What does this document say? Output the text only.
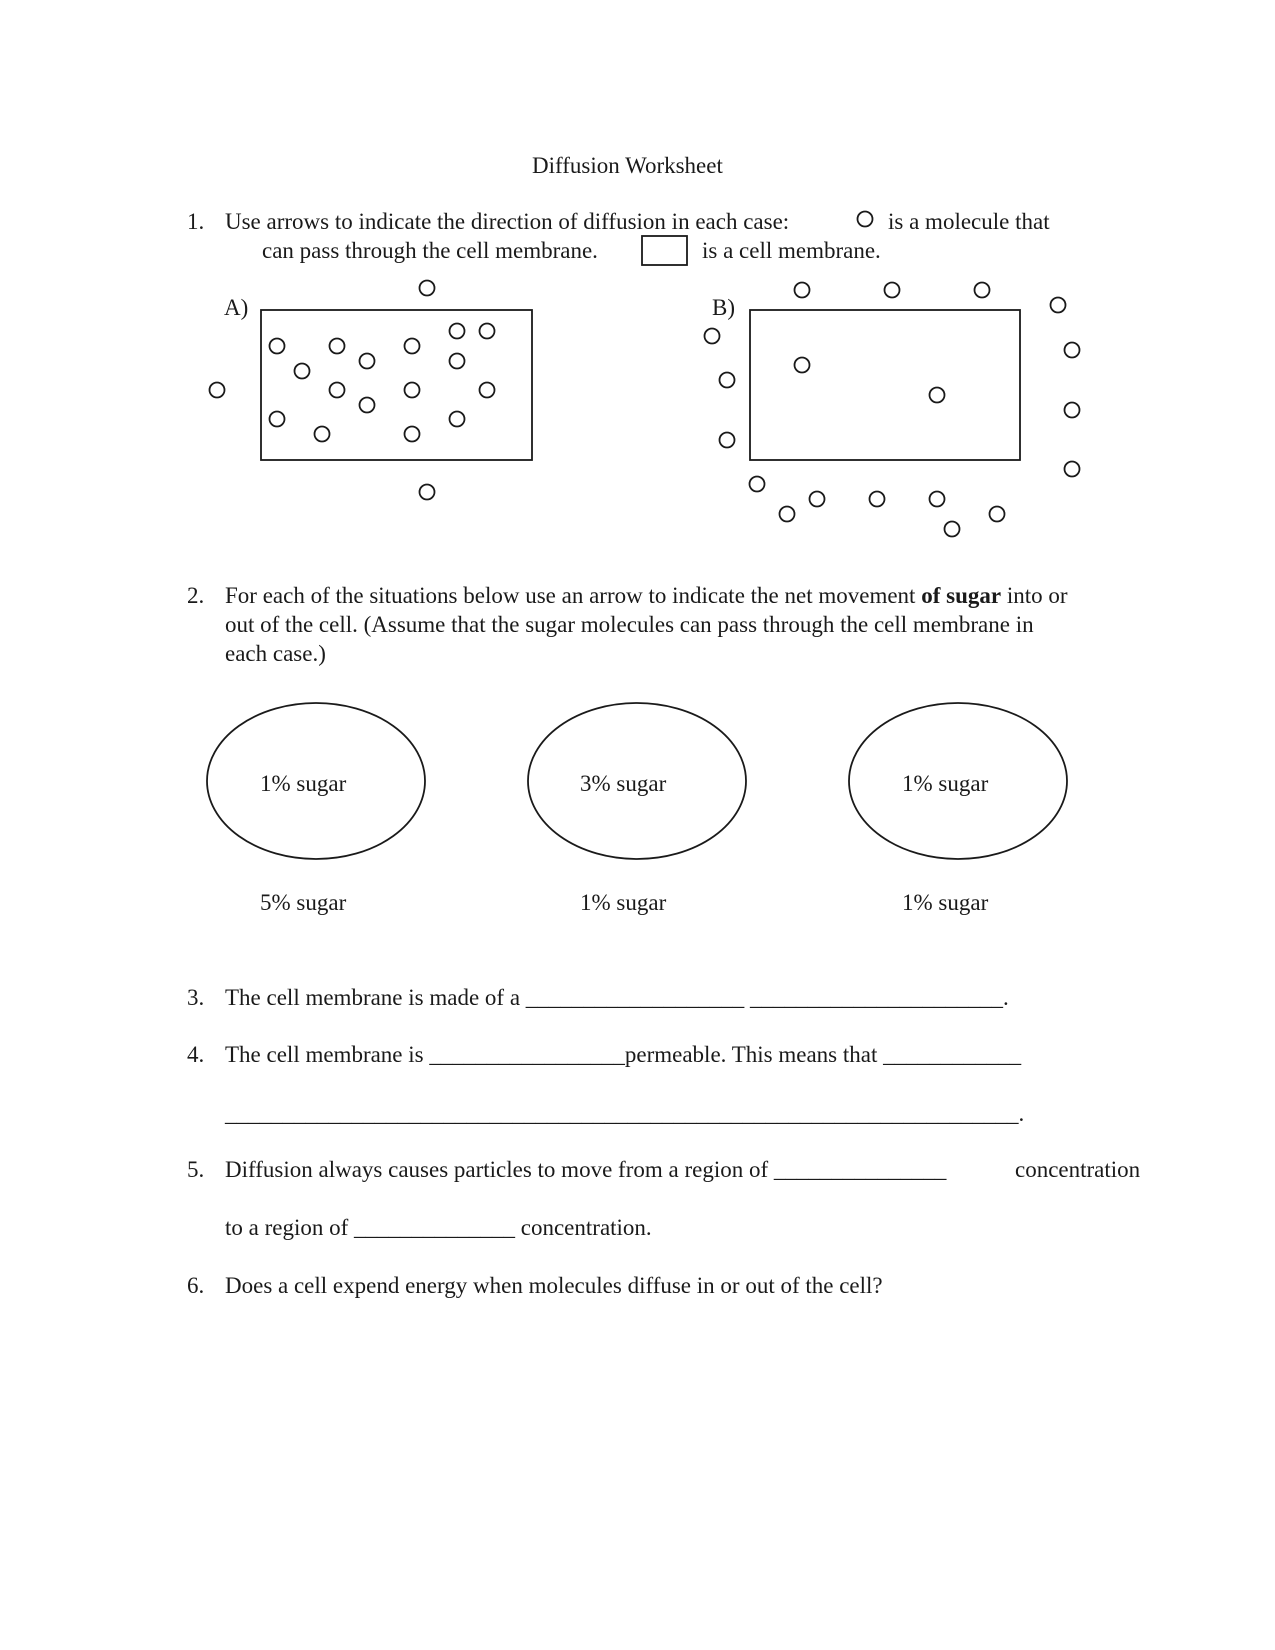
Diffusion Worksheet
1. Use arrows to indicate the direction of diffusion in each case:	is a molecule that
can pass through the cell membrane.	is a cell membrane.
A)	B)
2. For each of the situations below use an arrow to indicate the net movement of sugar into or
out of the cell. (Assume that the sugar molecules can pass through the cell membrane in
each case.)
1% sugar	3% sugar	1% sugar
5% sugar	1% sugar	1% sugar
3. The cell membrane is made of a ___________________ ______________________.
4. The cell membrane is _________________permeable. This means that ____________
_____________________________________________________________________.
5. Diffusion always causes particles to move from a region of _______________	concentration
to a region of ______________ concentration.
6. Does a cell expend energy when molecules diffuse in or out of the cell?
